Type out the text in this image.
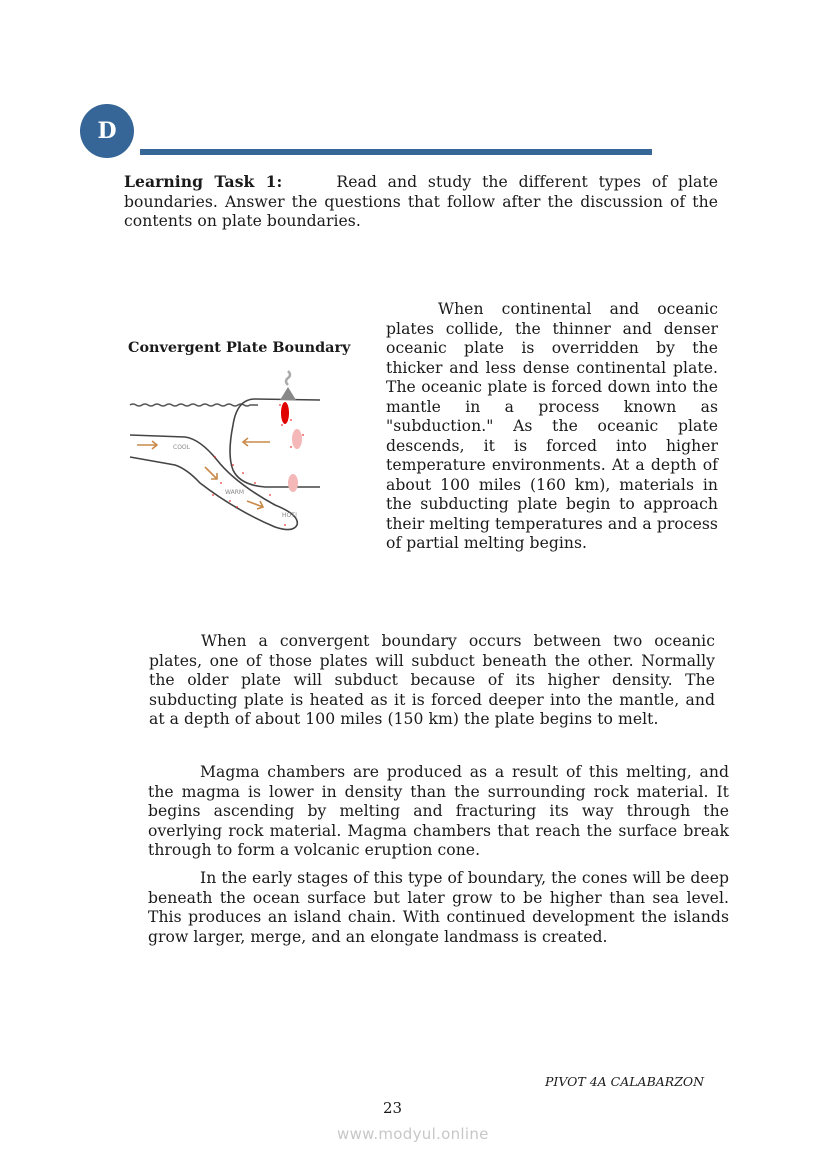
D

Learning Task 1:	Read and study the different types of plate boundaries. Answer the questions that follow after the discussion of the contents on plate boundaries.

Convergent Plate Boundary
COOL
WARM
HOT!

When continental and oceanic plates collide, the thinner and denser oceanic plate is overridden by the thicker and less dense continental plate. The oceanic plate is forced down into the mantle in a process known as "subduction." As the oceanic plate descends, it is forced into higher temperature environments. At a depth of about 100 miles (160 km), materials in the subducting plate begin to approach their melting temperatures and a process of partial melting begins.

When a convergent boundary occurs between two oceanic plates, one of those plates will subduct beneath the other. Normally the older plate will subduct because of its higher density. The subducting plate is heated as it is forced deeper into the mantle, and at a depth of about 100 miles (150 km) the plate begins to melt.

Magma chambers are produced as a result of this melting, and the magma is lower in density than the surrounding rock material. It begins ascending by melting and fracturing its way through the overlying rock material. Magma chambers that reach the surface break through to form a volcanic eruption cone.

In the early stages of this type of boundary, the cones will be deep beneath the ocean surface but later grow to be higher than sea level. This produces an island chain. With continued development the islands grow larger, merge, and an elongate landmass is created.

PIVOT 4A CALABARZON
23
www.modyul.online
